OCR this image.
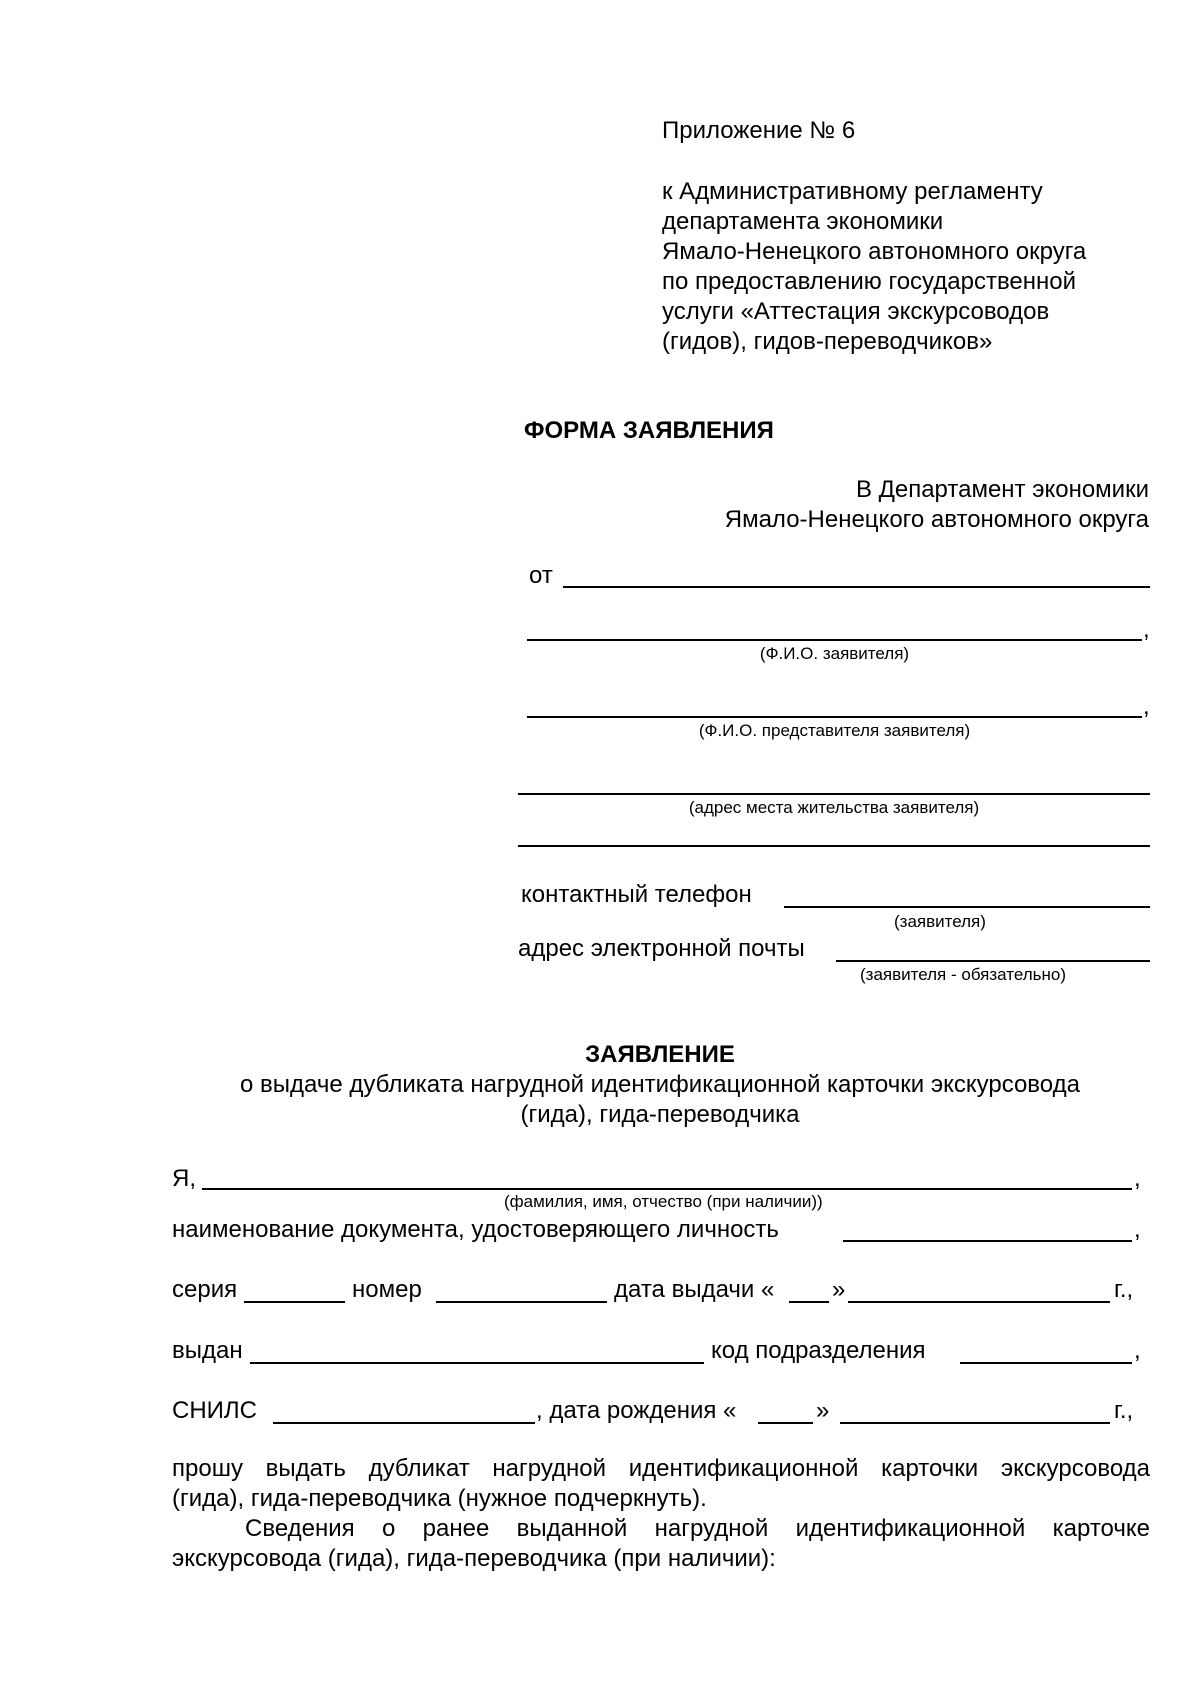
Приложение № 6
к Административному регламенту
департамента экономики
Ямало-Ненецкого автономного округа
по предоставлению государственной
услуги «Аттестация экскурсоводов
(гидов), гидов-переводчиков»
ФОРМА ЗАЯВЛЕНИЯ
В Департамент экономики
Ямало-Ненецкого автономного округа
от
,
(Ф.И.О. заявителя)
,
(Ф.И.О. представителя заявителя)
(адрес места жительства заявителя)
контактный телефон
(заявителя)
адрес электронной почты
(заявителя - обязательно)
ЗАЯВЛЕНИЕ
о выдаче дубликата нагрудной идентификационной карточки экскурсовода
(гида), гида-переводчика
Я,	,
(фамилия, имя, отчество (при наличии))
наименование документа, удостоверяющего личность	,
серия	номер	дата выдачи « »	г.,
выдан	код подразделения	,
СНИЛС	, дата рождения «	»	г.,
прошу выдать дубликат нагрудной идентификационной карточки экскурсовода
(гида), гида-переводчика (нужное подчеркнуть).
Сведения о ранее выданной нагрудной идентификационной карточке
экскурсовода (гида), гида-переводчика (при наличии):
